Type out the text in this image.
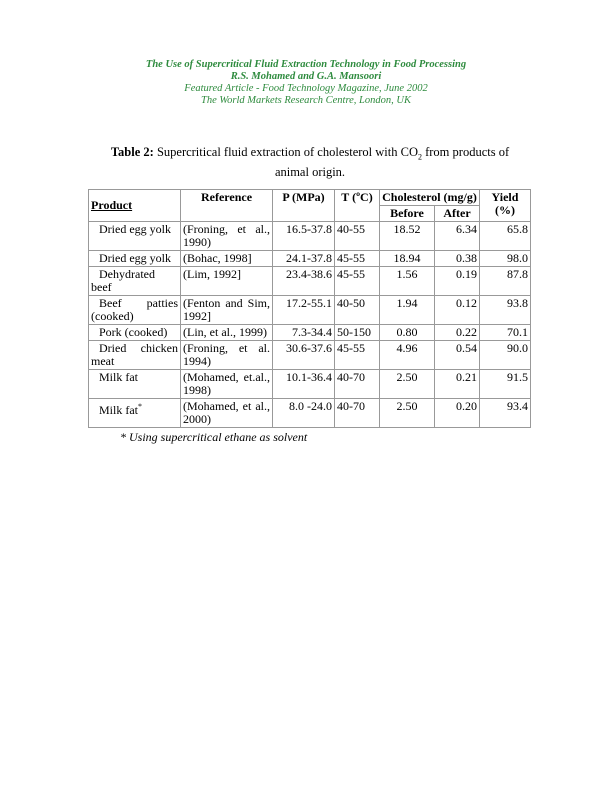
The Use of Supercritical Fluid Extraction Technology in Food Processing
R.S. Mohamed and G.A. Mansoori
Featured Article - Food Technology Magazine, June 2002
The World Markets Research Centre, London, UK
Table 2: Supercritical fluid extraction of cholesterol with $CO_2$ from products of animal origin.
Product	Reference	P (MPa)	T (ºC)	Cholesterol (mg/g)		Yield (%)
				Before	After	
Dried egg yolk	(Froning, et al., 1990)	16.5-37.8	40-55	18.52	6.34	65.8
Dried egg yolk	(Bohac, 1998]	24.1-37.8	45-55	18.94	0.38	98.0
Dehydrated beef	(Lim, 1992]	23.4-38.6	45-55	1.56	0.19	87.8
Beef patties (cooked)	(Fenton and Sim, 1992]	17.2-55.1	40-50	1.94	0.12	93.8
Pork (cooked)	(Lin, et al., 1999)	7.3-34.4	50-150	0.80	0.22	70.1
Dried chicken meat	(Froning, et al. 1994)	30.6-37.6	45-55	4.96	0.54	90.0
Milk fat	(Mohamed, et.al., 1998)	10.1-36.4	40-70	2.50	0.21	91.5
Milk fat*	(Mohamed, et al., 2000)	8.0 -24.0	40-70	2.50	0.20	93.4
* Using supercritical ethane as solvent
